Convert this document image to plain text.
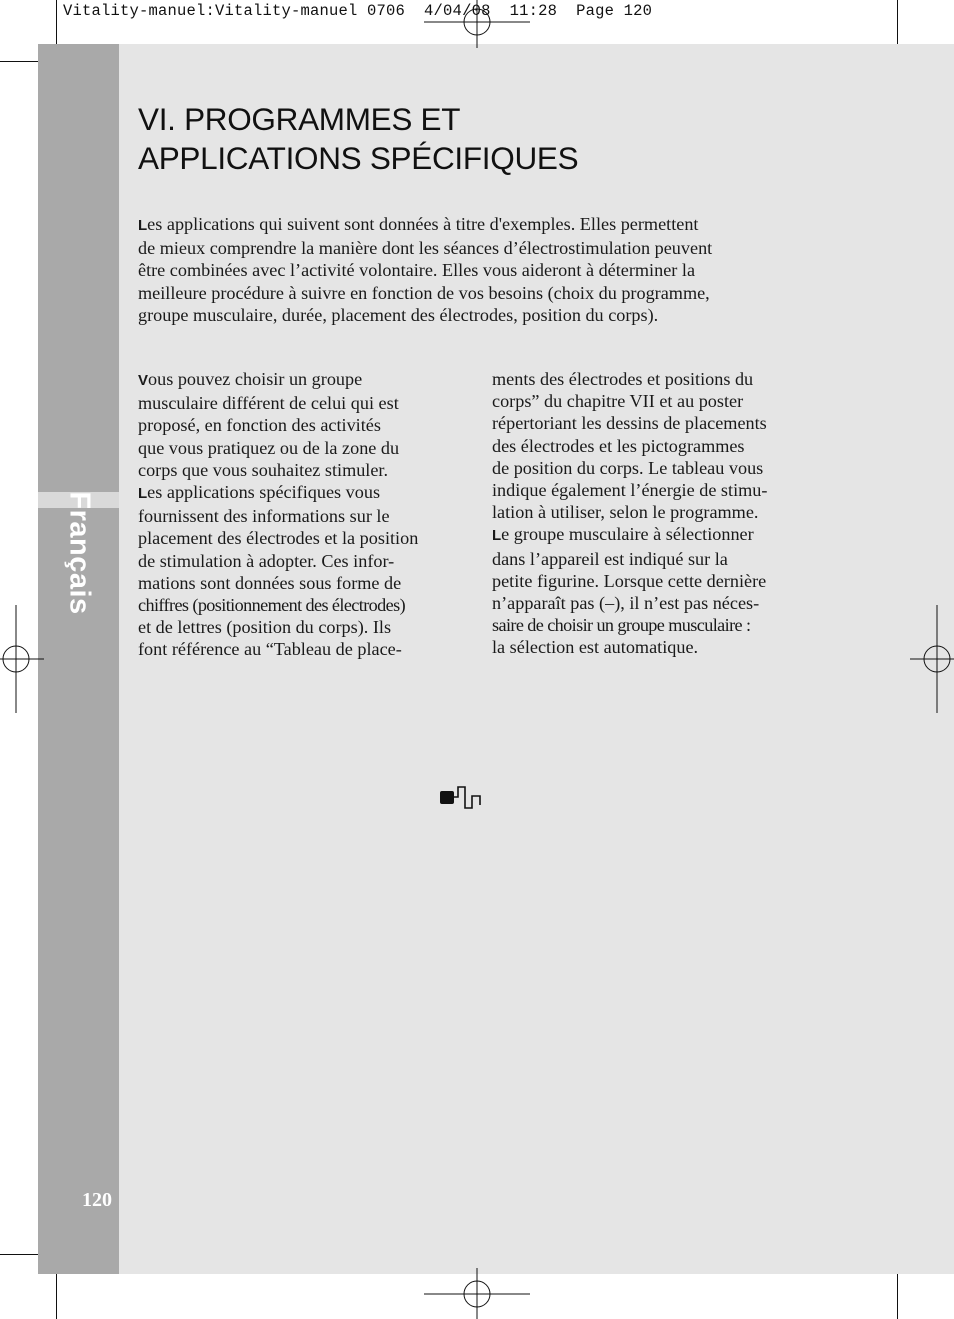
Vitality-manuel:Vitality-manuel 0706  4/04/08  11:28  Page 120
Français
120
VI. PROGRAMMES ET
APPLICATIONS SPÉCIFIQUES
Les applications qui suivent sont données à titre d'exemples. Elles permettent
de mieux comprendre la manière dont les séances d’électrostimulation peuvent
être combinées avec l’activité volontaire. Elles vous aideront à déterminer la
meilleure procédure à suivre en fonction de vos besoins (choix du programme,
groupe musculaire, durée, placement des électrodes, position du corps).
Vous pouvez choisir un groupe
musculaire différent de celui qui est
proposé, en fonction des activités
que vous pratiquez ou de la zone du
corps que vous souhaitez stimuler.
Les applications spécifiques vous
fournissent des informations sur le
placement des électrodes et la position
de stimulation à adopter. Ces infor-
mations sont données sous forme de
chiffres (positionnement des électrodes)
et de lettres (position du corps). Ils
font référence au “Tableau de place-
ments des électrodes et positions du
corps” du chapitre VII et au poster
répertoriant les dessins de placements
des électrodes et les pictogrammes
de position du corps. Le tableau vous
indique également l’énergie de stimu-
lation à utiliser, selon le programme.
Le groupe musculaire à sélectionner
dans l’appareil est indiqué sur la
petite figurine. Lorsque cette dernière
n’apparaît pas (–), il n’est pas néces-
saire de choisir un groupe musculaire :
la sélection est automatique.
